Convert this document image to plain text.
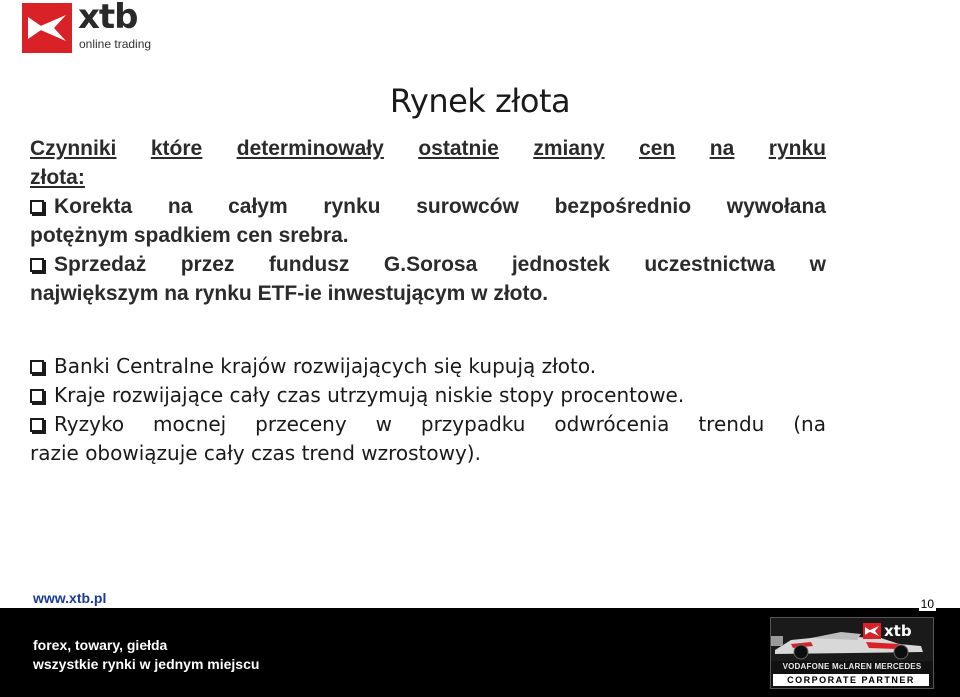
xtb
online trading
Rynek złota
Czynniki które determinowały ostatnie zmiany cen na rynku
złota:
Korekta na całym rynku surowców bezpośrednio wywołana
potężnym spadkiem cen srebra.
Sprzedaż przez fundusz G.Sorosa jednostek uczestnictwa w
największym na rynku ETF-ie inwestującym w złoto.
Banki Centralne krajów rozwijających się kupują złoto.
Kraje rozwijające cały czas utrzymują niskie stopy procentowe.
Ryzyko mocnej przeceny w przypadku odwrócenia trendu (na
razie obowiązuje cały czas trend wzrostowy).
www.xtb.pl	10
forex, towary, giełda
wszystkie rynki w jednym miejscu
xtb
VODAFONE McLAREN MERCEDES
CORPORATE PARTNER
